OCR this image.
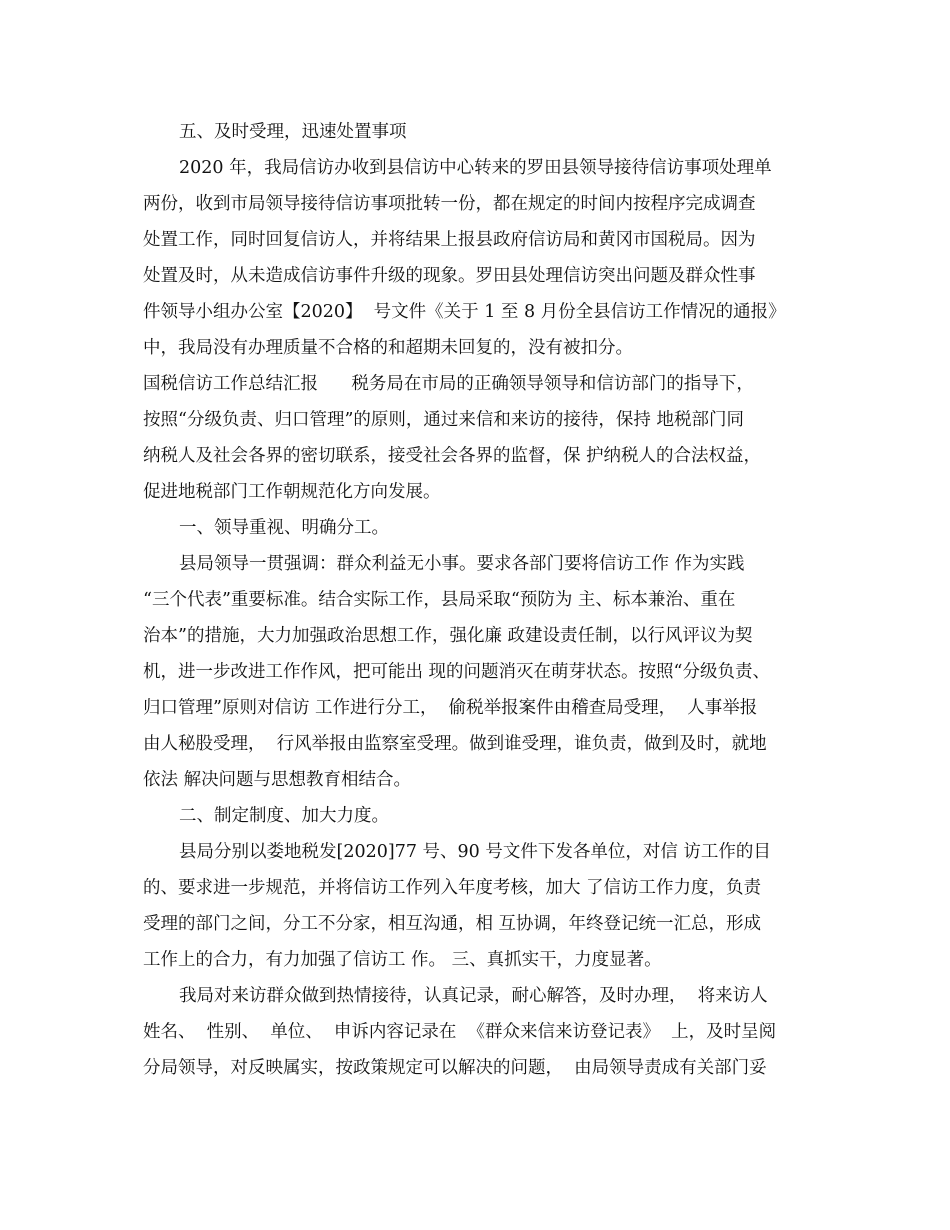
五、及时受理，迅速处置事项
2020 年，我局信访办收到县信访中心转来的罗田县领导接待信访事项处理单
两份，收到市局领导接待信访事项批转一份，都在规定的时间内按程序完成调查
处置工作，同时回复信访人，并将结果上报县政府信访局和黄冈市国税局。因为
处置及时，从未造成信访事件升级的现象。罗田县处理信访突出问题及群众性事
件领导小组办公室【2020】  号文件《关于 1 至 8 月份全县信访工作情况的通报》
中，我局没有办理质量不合格的和超期未回复的，没有被扣分。
国税信访工作总结汇报      税务局在市局的正确领导领导和信访部门的指导下，
按照“分级负责、归口管理”的原则，通过来信和来访的接待，保持 地税部门同
纳税人及社会各界的密切联系，接受社会各界的监督，保 护纳税人的合法权益，
促进地税部门工作朝规范化方向发展。
一、领导重视、明确分工。
县局领导一贯强调：群众利益无小事。要求各部门要将信访工作 作为实践
“三个代表”重要标准。结合实际工作，县局采取“预防为 主、标本兼治、重在
治本”的措施，大力加强政治思想工作，强化廉 政建设责任制，以行风评议为契
机，进一步改进工作作风，把可能出 现的问题消灭在萌芽状态。按照“分级负责、
归口管理”原则对信访 工作进行分工，  偷税举报案件由稽查局受理，  人事举报
由人秘股受理，  行风举报由监察室受理。做到谁受理，谁负责，做到及时，就地
依法 解决问题与思想教育相结合。
二、制定制度、加大力度。
县局分别以娄地税发[2020]77 号、90 号文件下发各单位，对信 访工作的目
的、要求进一步规范，并将信访工作列入年度考核，加大 了信访工作力度，负责
受理的部门之间，分工不分家，相互沟通，相 互协调，年终登记统一汇总，形成
工作上的合力，有力加强了信访工 作。 三、真抓实干，力度显著。
我局对来访群众做到热情接待，认真记录，耐心解答，及时办理，  将来访人
姓名、  性别、  单位、  申诉内容记录在  《群众来信来访登记表》  上，及时呈阅
分局领导，对反映属实，按政策规定可以解决的问题，  由局领导责成有关部门妥
